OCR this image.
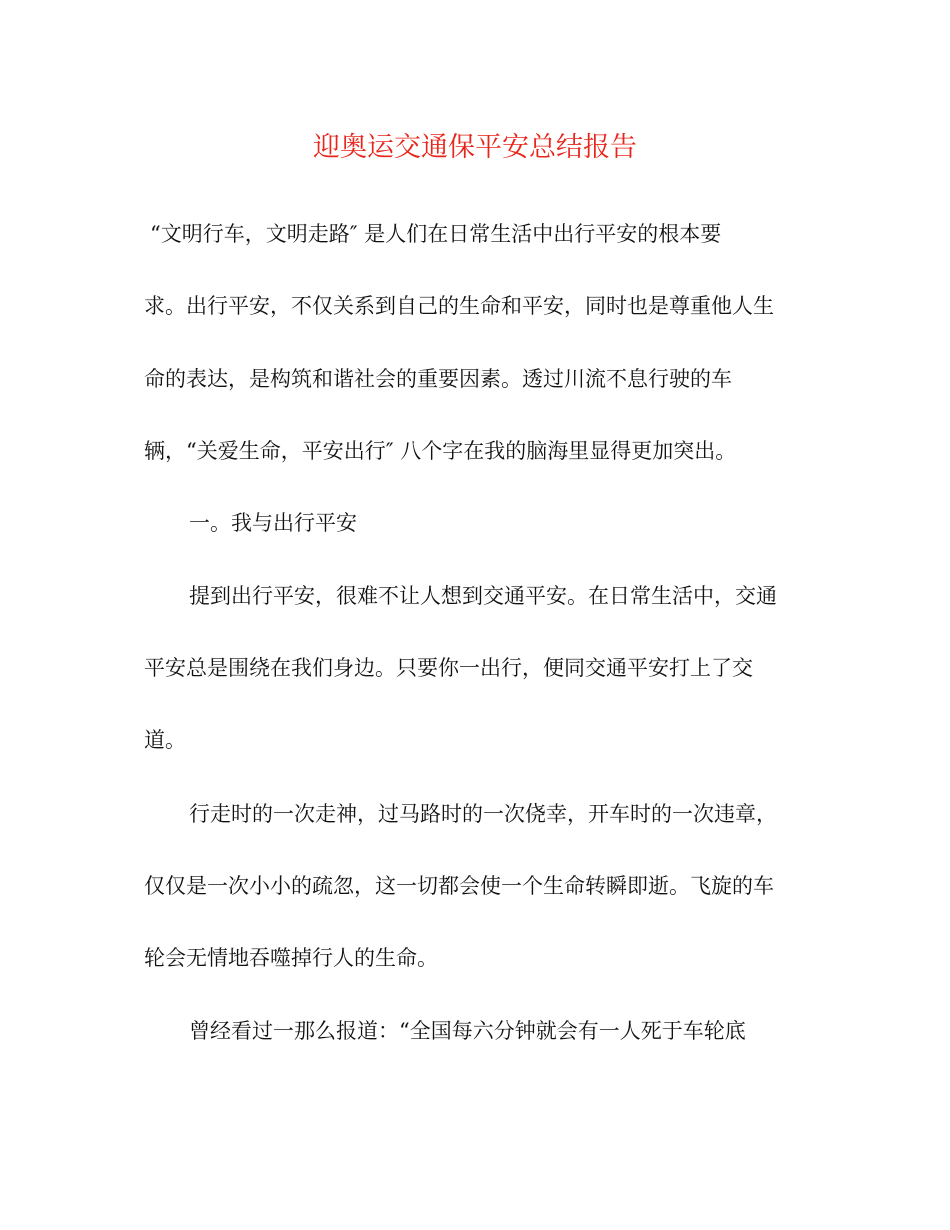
迎奥运交通保平安总结报告

“文明行车，文明走路″ 是人们在日常生活中出行平安的根本要

求。出行平安，不仅关系到自己的生命和平安，同时也是尊重他人生

命的表达，是构筑和谐社会的重要因素。透过川流不息行驶的车

辆，“关爱生命，平安出行″ 八个字在我的脑海里显得更加突出。

一。我与出行平安

提到出行平安，很难不让人想到交通平安。在日常生活中，交通

平安总是围绕在我们身边。只要你一出行，便同交通平安打上了交

道。

行走时的一次走神，过马路时的一次侥幸，开车时的一次违章，

仅仅是一次小小的疏忽，这一切都会使一个生命转瞬即逝。飞旋的车

轮会无情地吞噬掉行人的生命。

曾经看过一那么报道：“全国每六分钟就会有一人死于车轮底
